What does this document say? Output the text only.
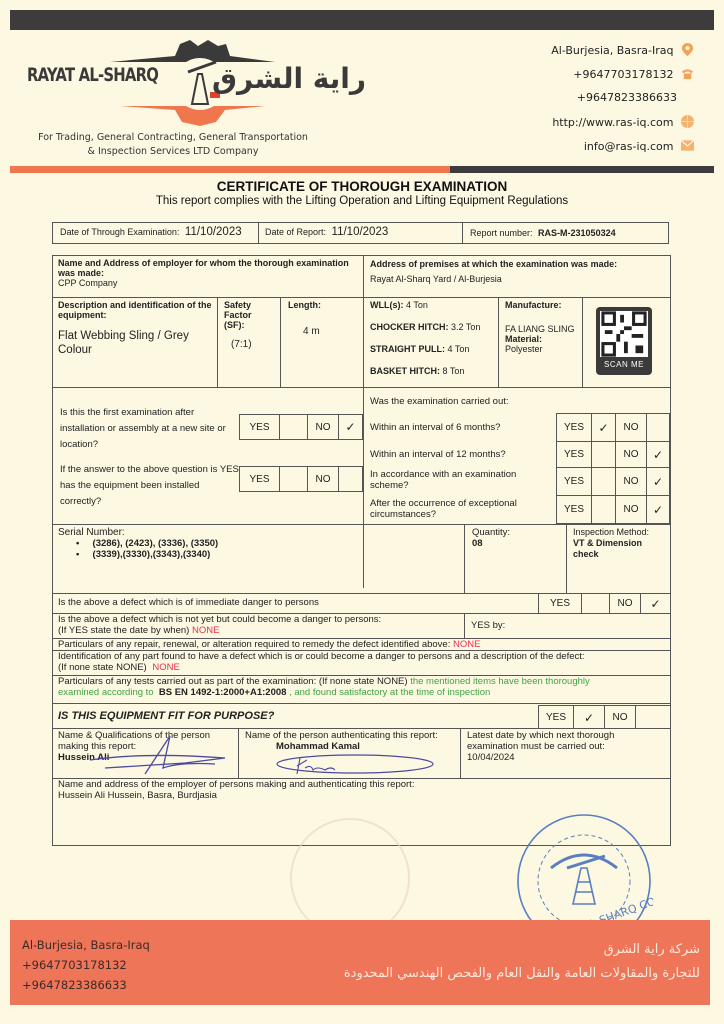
RAYAT AL-SHARQ راية الشرق
For Trading, General Contracting, General Transportation
& Inspection Services LTD Company
Al-Burjesia, Basra-Iraq
+9647703178132
+9647823386633
http://www.ras-iq.com
info@ras-iq.com
CERTIFICATE OF THOROUGH EXAMINATION
This report complies with the Lifting Operation and Lifting Equipment Regulations
Date of Through Examination: 11/10/2023	Date of Report: 11/10/2023	Report number: RAS-M-231050324
Name and Address of employer for whom the thorough examination was made:
CPP Company
Address of premises at which the examination was made:
Rayat Al-Sharq Yard / Al-Burjesia
Description and identification of the equipment:
Flat Webbing Sling / Grey Colour
Safety Factor (SF):
(7:1)
Length:
4 m
WLL(s): 4 Ton
CHOCKER HITCH: 3.2 Ton
STRAIGHT PULL: 4 Ton
BASKET HITCH: 8 Ton
Manufacture:
FA LIANG SLING
Material:
Polyester
SCAN ME
Is this the first examination after installation or assembly at a new site or location?
YES	NO	✓
If the answer to the above question is YES has the equipment been installed correctly?
YES	NO
Was the examination carried out:
Within an interval of 6 months?
Within an interval of 12 months?
In accordance with an examination scheme?
After the occurrence of exceptional circumstances?
YES	✓	NO
YES	NO	✓
YES	NO	✓
YES	NO	✓
Serial Number:
•     (3286), (2423), (3336), (3350)
•     (3339),(3330),(3343),(3340)
Quantity:
08
Inspection Method:
VT & Dimension check
Is the above a defect which is of immediate danger to persons	YES	NO	✓
Is the above a defect which is not yet but could become a danger to persons:
(If YES state the date by when) NONE	YES by:
Particulars of any repair, renewal, or alteration required to remedy the defect identified above: NONE
Identification of any part found to have a defect which is or could become a danger to persons and a description of the defect:
(If none state NONE) NONE
Particulars of any tests carried out as part of the examination: (If none state NONE) the mentioned items have been thoroughly
examined according to BS EN 1492-1:2000+A1:2008 , and found satisfactory at the time of inspection
IS THIS EQUIPMENT FIT FOR PURPOSE?	YES	✓	NO
Name & Qualifications of the person making this report:
Hussein Ali
Name of the person authenticating this report:
Mohammad Kamal
Latest date by which next thorough examination must be carried out:
10/04/2024
Name and address of the employer of persons making and authenticating this report:
Hussein Ali Hussein, Basra, Burdjasia
Al-Burjesia, Basra-Iraq
+9647703178132
+9647823386633
شركة راية الشرق
للتجارة والمقاولات العامة والنقل العام والفحص الهندسي المحدودة
